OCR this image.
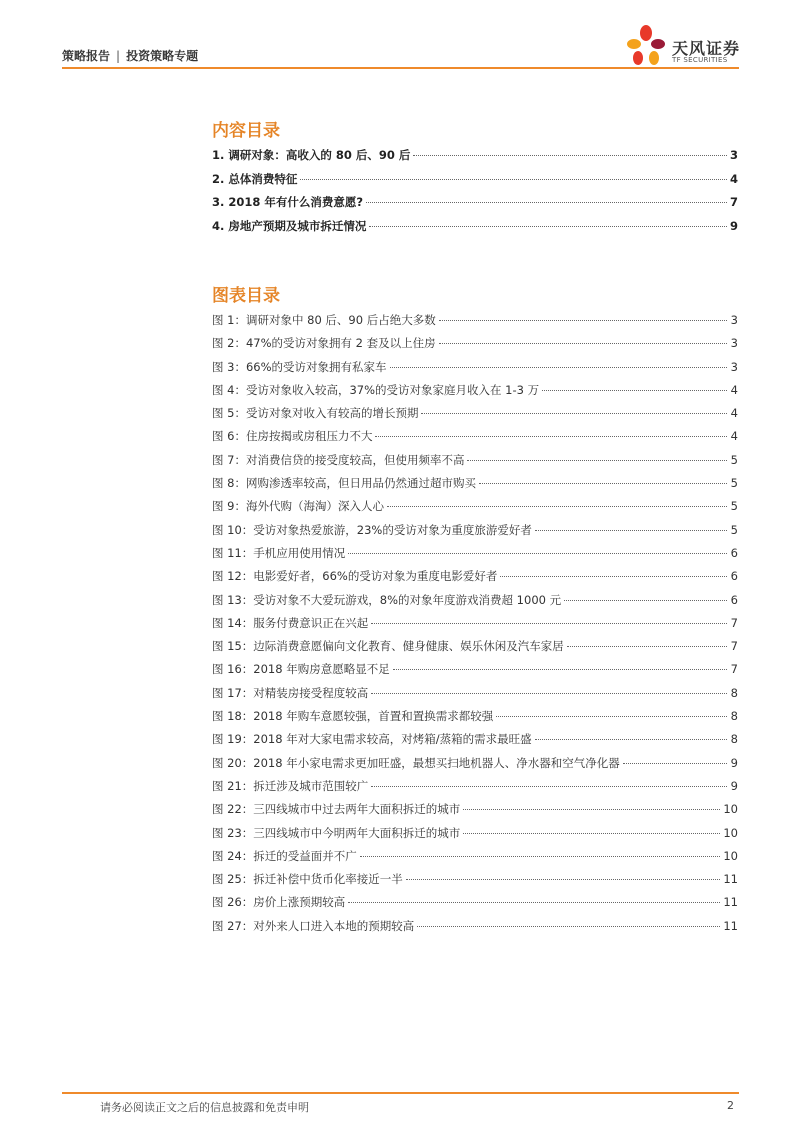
策略报告 | 投资策略专题	天风证券
TF SECURITIES
内容目录
1. 调研对象：高收入的 80 后、90 后	3
2. 总体消费特征	4
3. 2018 年有什么消费意愿?	7
4. 房地产预期及城市拆迁情况	9
图表目录
图 1：调研对象中 80 后、90 后占绝大多数	3
图 2：47%的受访对象拥有 2 套及以上住房	3
图 3：66%的受访对象拥有私家车	3
图 4：受访对象收入较高，37%的受访对象家庭月收入在 1-3 万	4
图 5：受访对象对收入有较高的增长预期	4
图 6：住房按揭或房租压力不大	4
图 7：对消费信贷的接受度较高，但使用频率不高	5
图 8：网购渗透率较高，但日用品仍然通过超市购买	5
图 9：海外代购（海淘）深入人心	5
图 10：受访对象热爱旅游，23%的受访对象为重度旅游爱好者	5
图 11：手机应用使用情况	6
图 12：电影爱好者，66%的受访对象为重度电影爱好者	6
图 13：受访对象不大爱玩游戏，8%的对象年度游戏消费超 1000 元	6
图 14：服务付费意识正在兴起	7
图 15：边际消费意愿偏向文化教育、健身健康、娱乐休闲及汽车家居	7
图 16：2018 年购房意愿略显不足	7
图 17：对精装房接受程度较高	8
图 18：2018 年购车意愿较强，首置和置换需求都较强	8
图 19：2018 年对大家电需求较高，对烤箱/蒸箱的需求最旺盛	8
图 20：2018 年小家电需求更加旺盛，最想买扫地机器人、净水器和空气净化器	9
图 21：拆迁涉及城市范围较广	9
图 22：三四线城市中过去两年大面积拆迁的城市	10
图 23：三四线城市中今明两年大面积拆迁的城市	10
图 24：拆迁的受益面并不广	10
图 25：拆迁补偿中货币化率接近一半	11
图 26：房价上涨预期较高	11
图 27：对外来人口进入本地的预期较高	11
请务必阅读正文之后的信息披露和免责申明	2
